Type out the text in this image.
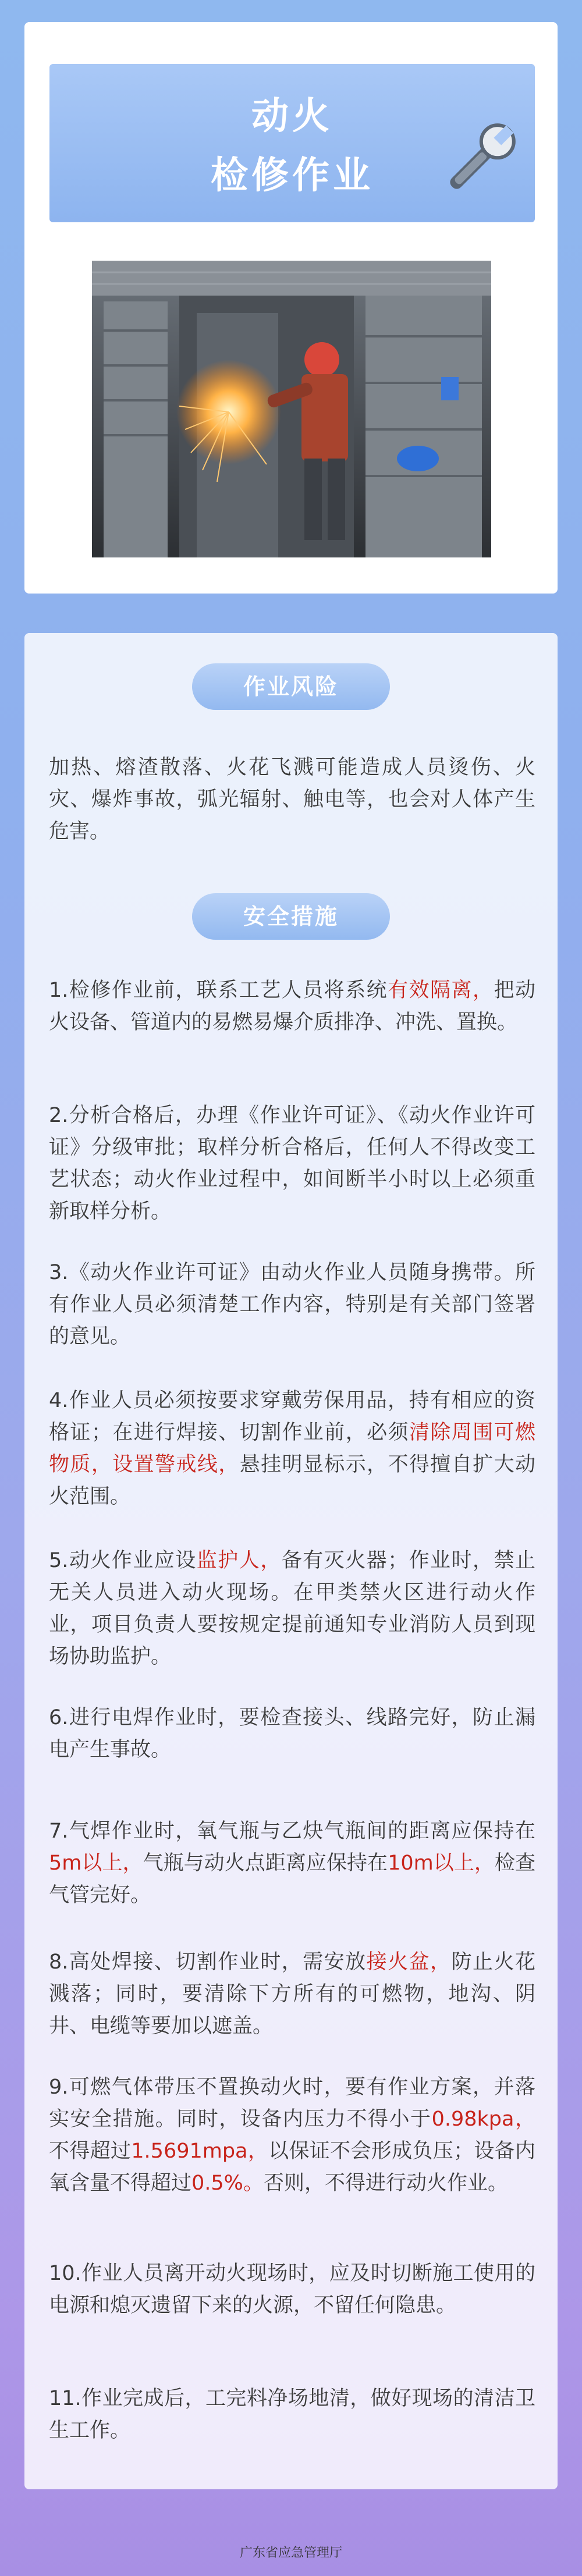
动火
检修作业
作业风险
加热、熔渣散落、火花飞溅可能造成人员烫伤、火灾、爆炸事故，弧光辐射、触电等，也会对人体产生危害。
安全措施
1.检修作业前，联系工艺人员将系统有效隔离，把动火设备、管道内的易燃易爆介质排净、冲洗、置换。
2.分析合格后，办理《作业许可证》、《动火作业许可证》分级审批；取样分析合格后，任何人不得改变工艺状态；动火作业过程中，如间断半小时以上必须重新取样分析。
3.《动火作业许可证》由动火作业人员随身携带。所有作业人员必须清楚工作内容，特别是有关部门签署的意见。
4.作业人员必须按要求穿戴劳保用品，持有相应的资格证；在进行焊接、切割作业前，必须清除周围可燃物质，设置警戒线，悬挂明显标示，不得擅自扩大动火范围。
5.动火作业应设监护人，备有灭火器；作业时，禁止无关人员进入动火现场。在甲类禁火区进行动火作业，项目负责人要按规定提前通知专业消防人员到现场协助监护。
6.进行电焊作业时，要检查接头、线路完好，防止漏电产生事故。
7.气焊作业时，氧气瓶与乙炔气瓶间的距离应保持在5m以上，气瓶与动火点距离应保持在10m以上，检查气管完好。
8.高处焊接、切割作业时，需安放接火盆，防止火花溅落；同时，要清除下方所有的可燃物，地沟、阴井、电缆等要加以遮盖。
9.可燃气体带压不置换动火时，要有作业方案，并落实安全措施。同时，设备内压力不得小于0.98kpa，不得超过1.5691mpa，以保证不会形成负压；设备内氧含量不得超过0.5%。否则，不得进行动火作业。
10.作业人员离开动火现场时，应及时切断施工使用的电源和熄灭遗留下来的火源，不留任何隐患。
11.作业完成后，工完料净场地清，做好现场的清洁卫生工作。
广东省应急管理厅
